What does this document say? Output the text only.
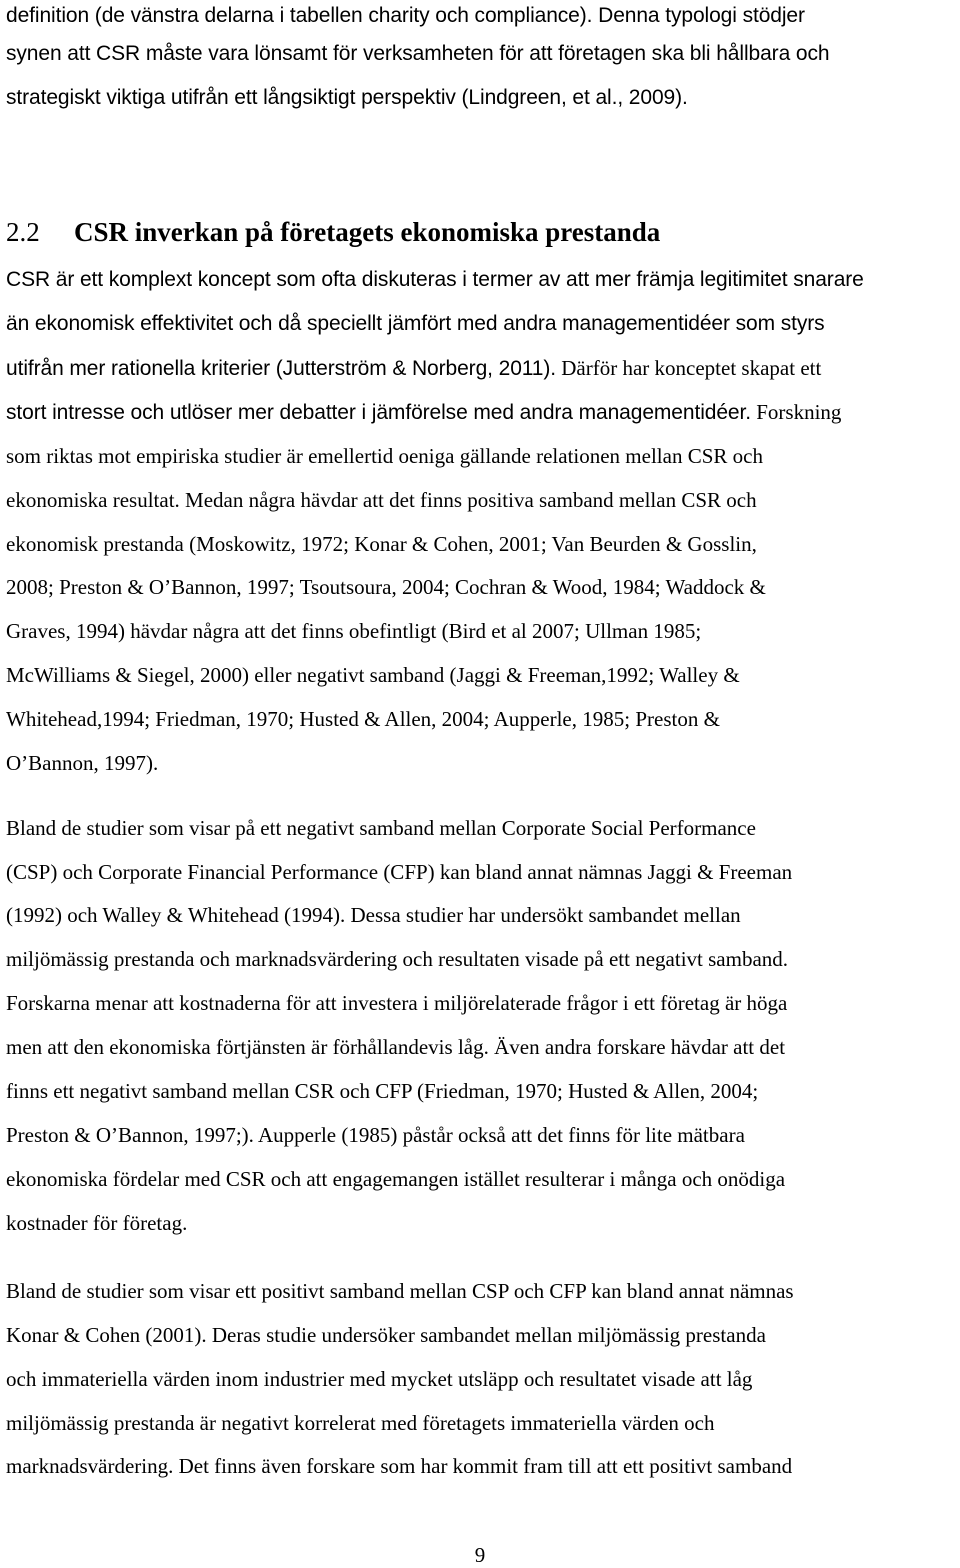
definition (de vänstra delarna i tabellen charity och compliance). Denna typologi stödjer
synen att CSR måste vara lönsamt för verksamheten för att företagen ska bli hållbara och
strategiskt viktiga utifrån ett långsiktigt perspektiv (Lindgreen, et al., 2009).
2.2 CSR inverkan på företagets ekonomiska prestanda
CSR är ett komplext koncept som ofta diskuteras i termer av att mer främja legitimitet snarare
än ekonomisk effektivitet och då speciellt jämfört med andra managementidéer som styrs
utifrån mer rationella kriterier (Jutterström & Norberg, 2011). Därför har konceptet skapat ett
stort intresse och utlöser mer debatter i jämförelse med andra managementidéer. Forskning
som riktas mot empiriska studier är emellertid oeniga gällande relationen mellan CSR och
ekonomiska resultat. Medan några hävdar att det finns positiva samband mellan CSR och
ekonomisk prestanda (Moskowitz, 1972; Konar & Cohen, 2001; Van Beurden & Gosslin,
2008; Preston & O’Bannon, 1997; Tsoutsoura, 2004; Cochran & Wood, 1984; Waddock &
Graves, 1994) hävdar några att det finns obefintligt (Bird et al 2007; Ullman 1985;
McWilliams & Siegel, 2000) eller negativt samband (Jaggi & Freeman,1992; Walley &
Whitehead,1994; Friedman, 1970; Husted & Allen, 2004; Aupperle, 1985; Preston &
O’Bannon, 1997).
Bland de studier som visar på ett negativt samband mellan Corporate Social Performance
(CSP) och Corporate Financial Performance (CFP) kan bland annat nämnas Jaggi & Freeman
(1992) och Walley & Whitehead (1994). Dessa studier har undersökt sambandet mellan
miljömässig prestanda och marknadsvärdering och resultaten visade på ett negativt samband.
Forskarna menar att kostnaderna för att investera i miljörelaterade frågor i ett företag är höga
men att den ekonomiska förtjänsten är förhållandevis låg. Även andra forskare hävdar att det
finns ett negativt samband mellan CSR och CFP (Friedman, 1970; Husted & Allen, 2004;
Preston & O’Bannon, 1997;). Aupperle (1985) påstår också att det finns för lite mätbara
ekonomiska fördelar med CSR och att engagemangen istället resulterar i många och onödiga
kostnader för företag.
Bland de studier som visar ett positivt samband mellan CSP och CFP kan bland annat nämnas
Konar & Cohen (2001). Deras studie undersöker sambandet mellan miljömässig prestanda
och immateriella värden inom industrier med mycket utsläpp och resultatet visade att låg
miljömässig prestanda är negativt korrelerat med företagets immateriella värden och
marknadsvärdering. Det finns även forskare som har kommit fram till att ett positivt samband
9
